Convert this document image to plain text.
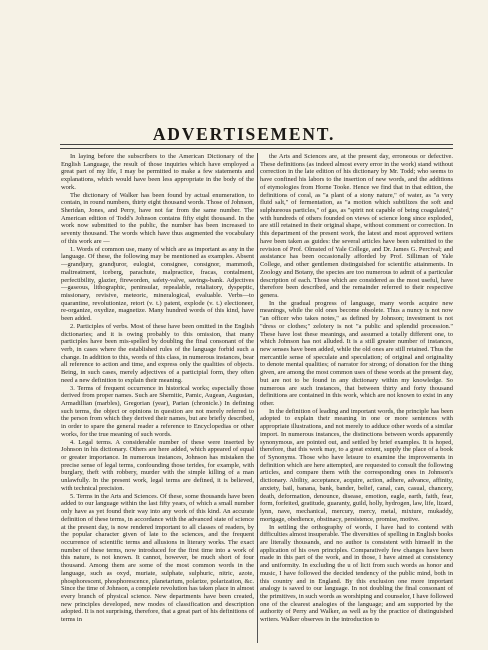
ADVERTISEMENT.

In laying before the subscribers to the American Dictionary of the English Language, the result of those inquiries which have employed a great part of my life, I may be permitted to make a few statements and explanations, which would have been less appropriate in the body of the work.

The dictionary of Walker has been found by actual enumeration, to contain, in round numbers, thirty eight thousand words. Those of Johnson, Sheridan, Jones, and Perry, have not far from the same number. The American edition of Todd's Johnson contains fifty eight thousand. In the work now submitted to the public, the number has been increased to seventy thousand. The words which have thus augmented the vocabulary of this work are —

1. Words of common use, many of which are as important as any in the language. Of these, the following may be mentioned as examples. Absent—grandjury, grandjuror, eulogist, consignee, consignor, mammoth, maltreatment, iceberg, parachute, malpractice, fracas, contalment, perfectibility, glazier, fireworden, safety-valve, savings-bank. Adjectives—gaseous, lithographic, peninsular, repealable, retaliatory, dyspeptic, missionary, revisive, meteoric, mineralogical, evaluable. Verbs—to quarantine, revolutionize, retort (v. t.) patent, explode (v. t.) electioneer, re-organize, oxydize, magnetize. Many hundred words of this kind, have been added.

2. Participles of verbs. Most of these have been omitted in the English dictionaries; and it is owing probably to this omission, that many participles have been mis-spelled by doubling the final consonant of the verb, in cases where the established rules of the language forbid such a change. In addition to this, words of this class, in numerous instances, bear all reference to action and time, and express only the qualities of objects. Being, in such cases, merely adjectives of a participial form, they often need a new definition to explain their meaning.

3. Terms of frequent occurrence in historical works; especially those derived from proper names. Such are Shemitic, Pamic, Augean, Augustan, Armadillian (marbles), Gregorian (year), Parian (chronicle.) In defining such terms, the object or opinions in question are not merely referred to the person from which they derived their names, but are briefly described, in order to spare the general reader a reference to Encyclopedias or other works, for the true meaning of such words.

4. Legal terms. A considerable number of these were inserted by Johnson in his dictionary. Others are here added, which appeared of equal or greater importance. In numerous instances, Johnson has mistaken the precise sense of legal terms, confounding those terides, for example, with burglary, theft with robbery, murder with the simple killing of a man unlawfully. In the present work, legal terms are defined, it is believed, with technical precision.

5. Terms in the Arts and Sciences. Of these, some thousands have been added to our language within the last fifty years, of which a small number only have as yet found their way into any work of this kind. An accurate definition of these terms, in accordance with the advanced state of science at the present day, is now rendered important to all classes of readers, by the popular character given of late to the sciences, and the frequent occurrence of scientific terms and allusions in literary works. The exact number of these terms, now introduced for the first time into a work of this nature, is not known. It cannot, however, be much short of four thousand. Among them are some of the most common words in the language, such as oxyd, muriate, sulphate, sulphuric, nitric, azote, phosphorescent, phosphorescence, planetarium, polarize, polarization, &c. Since the time of Johnson, a complete revolution has taken place in almost every branch of physical science. New departments have been created, new principles developed, new modes of classification and description adopted. It is not surprising, therefore, that a great part of his definitions of terms in

the Arts and Sciences are, at the present day, erroneous or defective. These definitions (as indeed almost every error in the work) stand without correction in the late edition of his dictionary by Mr. Todd; who seems to have confined his labors to the insertion of new words, and the additions of etymologies from Horne Tooke. Hence we find that in that edition, the definitions of coral, as "a plant of a stony nature," of water, as "a very fluid salt," of fermentation, as "a motion which subtilizes the soft and sulphureous particles," of gas, as "spirit not capable of being coagulated," with hundreds of others founded on views of science long since exploded, are still retained in their original shape, without comment or correction. In this department of the present work, the latest and most approved writers have been taken as guides: the several articles have been submitted to the revision of Prof. Olmsted of Yale College, and Dr. James G. Percival; and assistance has been occasionally afforded by Prof. Silliman of Yale College, and other gentlemen distinguished for scientific attainments. In Zoology and Botany, the species are too numerous to admit of a particular description of each. Those which are considered as the most useful, have therefore been described, and the remainder referred to their respective genera.

In the gradual progress of language, many words acquire new meanings, while the old ones become obsolete. Thus a nuncy is not now "an officer who takes notes," as defined by Johnson; investment is not "dress or clothes;" zelotery is not "a public and splendid procession." These have lost these meanings, and assumed a totally different one, to which Johnson has not alluded. It is a still greater number of instances, new senses have been added, while the old ones are still retained. Thus the mercantile sense of speculate and speculation; of original and originality to denote mental qualities; of narrator for strong; of donation for the thing given, are among the most common uses of these words at the present day, but are not to be found in any dictionary within my knowledge. So numerous are such instances, that between thirty and forty thousand definitions are contained in this work, which are not known to exist in any other.

In the definition of leading and important words, the principle has been adopted to explain their meaning in one or more sentences with appropriate illustrations, and not merely to adduce other words of a similar import. In numerous instances, the distinctions between words apparently synonymous, are pointed out, and settled by brief examples. It is hoped, therefore, that this work may, to a great extent, supply the place of a book of Synonyms. Those who have leisure to examine the improvements in definition which are here attempted, are requested to consult the following articles, and compare them with the corresponding ones in Johnson's dictionary. Ability, acceptance, acquire, action, adhere, advance, affinity, anxiety, bail, banana, bank, bander, belief, canal, can, casual, chancery, death, deformation, denounce, disease, emotion, eagle, earth, faith, fear, form, forfeited, gratitude, guaranty, guild, holly, hydrogen, law, life, lizard, lynn, nave, mechanical, mercury, mercy, metal, mixture, mukaddy, mortgage, obedience, obstinacy, persistence, promise, motive.

In settling the orthography of words, I have had to contend with difficulties almost insuperable. The diversities of spelling in English books are literally thousands, and no author is consistent with himself in the application of his own principles. Comparatively few changes have been made in this part of the work, and in those, I have aimed at consistency and uniformity. In excluding the u of licit from such words as honor and music, I have followed the decided tendency of the public mind, both in this country and in England. By this exclusion one more important analogy is saved to our language. In not doubling the final consonant of the primitives, in such words as worshiping and counselor, I have followed one of the clearest analogies of the language; and am supported by the authority of Perry and Walker, as well as by the practice of distinguished writers. Walker observes in the introduction to
